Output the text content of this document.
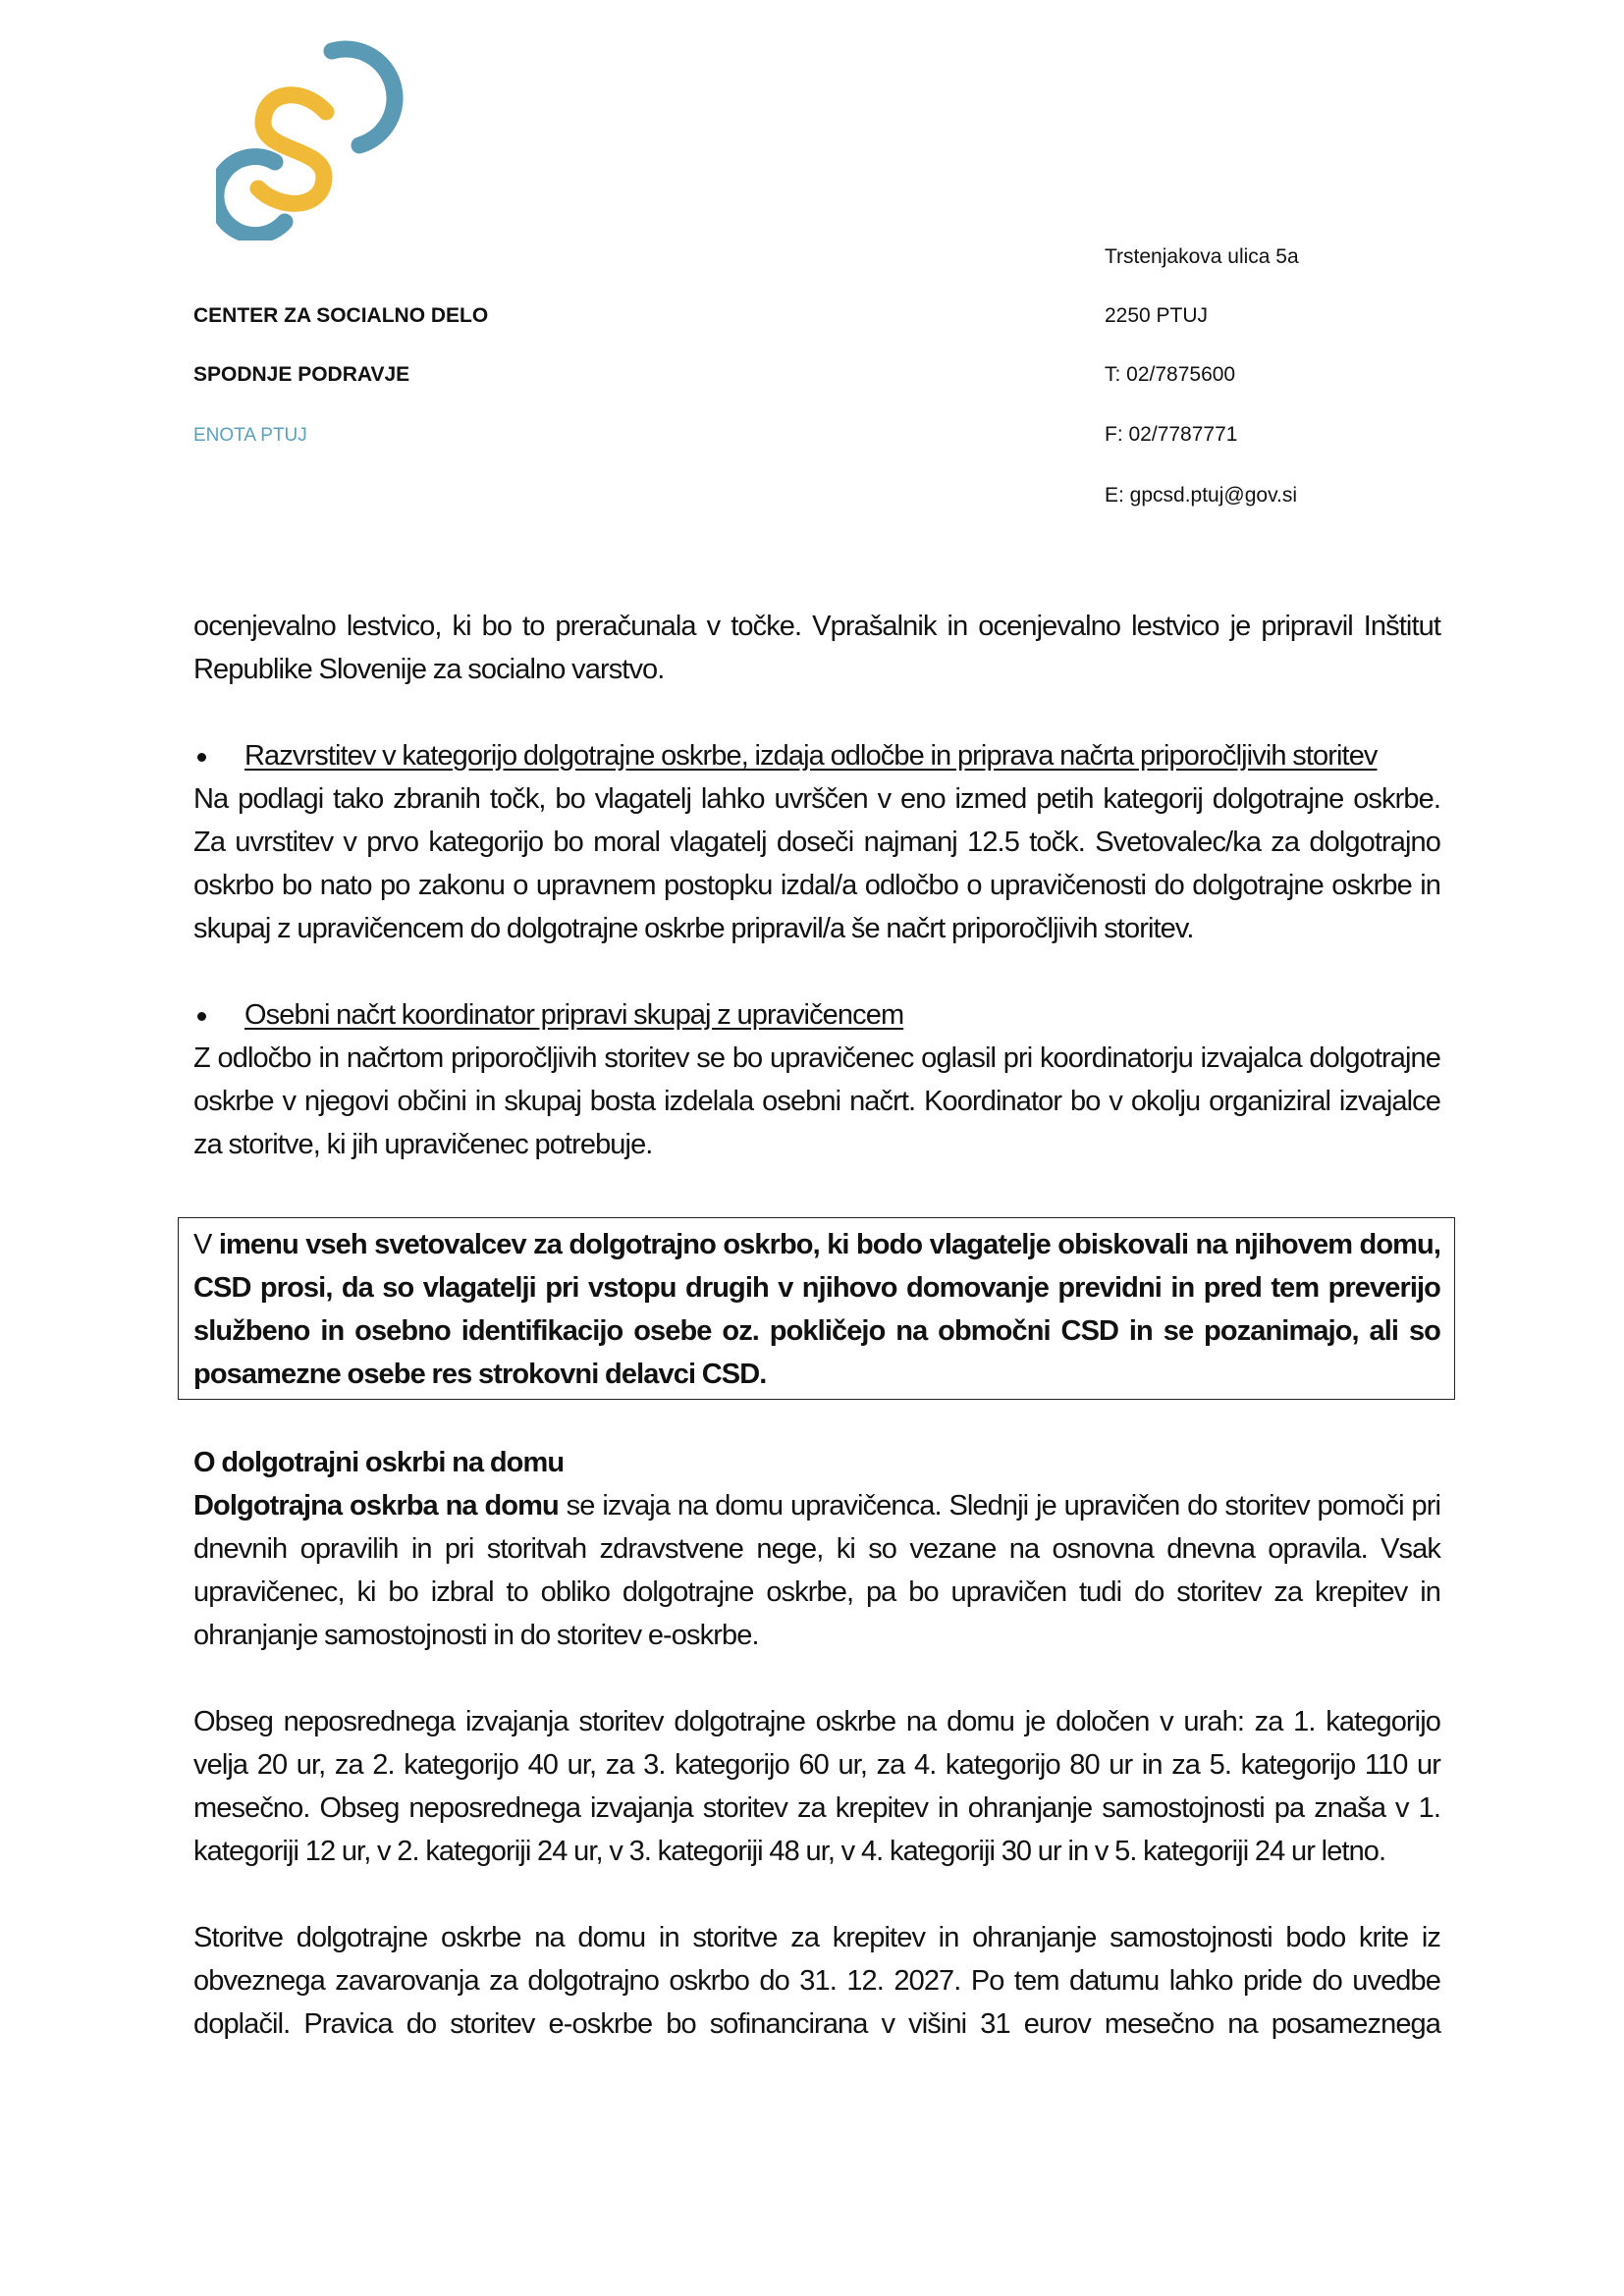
CENTER ZA SOCIALNO DELO
SPODNJE PODRAVJE
ENOTA PTUJ
Trstenjakova ulica 5a
2250 PTUJ
T: 02/7875600
F: 02/7787771
E: gpcsd.ptuj@gov.si
ocenjevalno lestvico, ki bo to preračunala v točke. Vprašalnik in ocenjevalno lestvico je pripravil Inštitut
Republike Slovenije za socialno varstvo.
Razvrstitev v kategorijo dolgotrajne oskrbe, izdaja odločbe in priprava načrta priporočljivih storitev
Na podlagi tako zbranih točk, bo vlagatelj lahko uvrščen v eno izmed petih kategorij dolgotrajne oskrbe.
Za uvrstitev v prvo kategorijo bo moral vlagatelj doseči najmanj 12.5 točk. Svetovalec/ka za dolgotrajno
oskrbo bo nato po zakonu o upravnem postopku izdal/a odločbo o upravičenosti do dolgotrajne oskrbe in
skupaj z upravičencem do dolgotrajne oskrbe pripravil/a še načrt priporočljivih storitev.
Osebni načrt koordinator pripravi skupaj z upravičencem
Z odločbo in načrtom priporočljivih storitev se bo upravičenec oglasil pri koordinatorju izvajalca dolgotrajne
oskrbe v njegovi občini in skupaj bosta izdelala osebni načrt. Koordinator bo v okolju organiziral izvajalce
za storitve, ki jih upravičenec potrebuje.
V imenu vseh svetovalcev za dolgotrajno oskrbo, ki bodo vlagatelje obiskovali na njihovem domu,
CSD prosi, da so vlagatelji pri vstopu drugih v njihovo domovanje previdni in pred tem preverijo
službeno in osebno identifikacijo osebe oz. pokličejo na območni CSD in se pozanimajo, ali so
posamezne osebe res strokovni delavci CSD.
O dolgotrajni oskrbi na domu
Dolgotrajna oskrba na domu se izvaja na domu upravičenca. Slednji je upravičen do storitev pomoči pri
dnevnih opravilih in pri storitvah zdravstvene nege, ki so vezane na osnovna dnevna opravila. Vsak
upravičenec, ki bo izbral to obliko dolgotrajne oskrbe, pa bo upravičen tudi do storitev za krepitev in
ohranjanje samostojnosti in do storitev e-oskrbe.
Obseg neposrednega izvajanja storitev dolgotrajne oskrbe na domu je določen v urah: za 1. kategorijo
velja 20 ur, za 2. kategorijo 40 ur, za 3. kategorijo 60 ur, za 4. kategorijo 80 ur in za 5. kategorijo 110 ur
mesečno. Obseg neposrednega izvajanja storitev za krepitev in ohranjanje samostojnosti pa znaša v 1.
kategoriji 12 ur, v 2. kategoriji 24 ur, v 3. kategoriji 48 ur, v 4. kategoriji 30 ur in v 5. kategoriji 24 ur letno.
Storitve dolgotrajne oskrbe na domu in storitve za krepitev in ohranjanje samostojnosti bodo krite iz
obveznega zavarovanja za dolgotrajno oskrbo do 31. 12. 2027. Po tem datumu lahko pride do uvedbe
doplačil. Pravica do storitev e-oskrbe bo sofinancirana v višini 31 eurov mesečno na posameznega
